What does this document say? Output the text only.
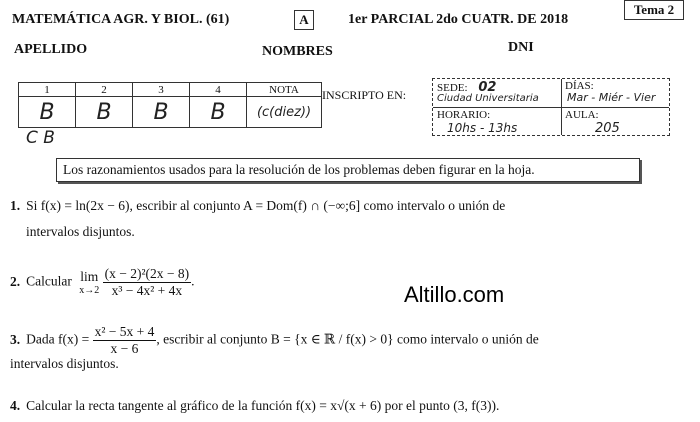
MATEMÁTICA AGR. Y BIOL. (61)	A	1er PARCIAL 2do CUATR. DE 2018
Tema 2
APELLIDO	NOMBRES	DNI
1	2	3	4	NOTA
B	B	B	B	(c(diez))
C B
INSCRIPTO EN:	SEDE: 02
Ciudad Universitaria
HORARIO:
10hs - 13hs
DÍAS:
Mar - Miér - Vier
AULA:
205
Los razonamientos usados para la resolución de los problemas deben figurar en la hoja.
1. Si f(x) = ln(2x − 6), escribir al conjunto A = Dom(f) ∩ (−∞;6] como intervalo o unión de
intervalos disjuntos.
2. Calcular lim
x→2
$\frac{\text{(x − 2)²(2x − 8)}}{\text{x³ − 4x² + 4x}}$ .
Altillo.com
3. Dada $f(x) = \frac{\text{x² − 5x + 4}}{x - 6}$ , escribir al conjunto B = {x ∈ ℝ / f(x) > 0} como intervalo o unión de
intervalos disjuntos.
4. Calcular la recta tangente al gráfico de la función f(x) = x√(x + 6) por el punto (3, f(3)).
